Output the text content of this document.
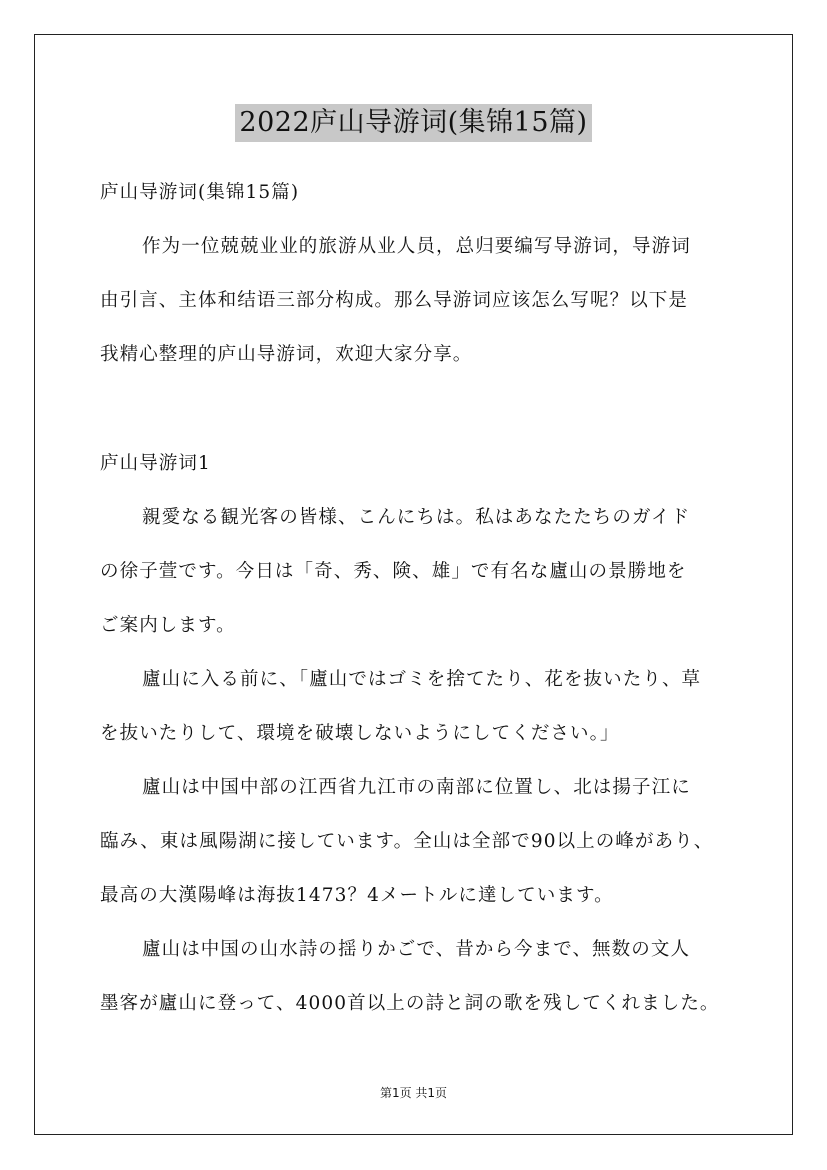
2022庐山导游词(集锦15篇)
庐山导游词(集锦15篇)
作为一位兢兢业业的旅游从业人员，总归要编写导游词，导游词
由引言、主体和结语三部分构成。那么导游词应该怎么写呢？以下是
我精心整理的庐山导游词，欢迎大家分享。
庐山导游词1
親愛なる観光客の皆様、こんにちは。私はあなたたちのガイド
の徐子萱です。今日は「奇、秀、険、雄」で有名な廬山の景勝地を
ご案内します。
廬山に入る前に、「廬山ではゴミを捨てたり、花を抜いたり、草
を抜いたりして、環境を破壊しないようにしてください。」
廬山は中国中部の江西省九江市の南部に位置し、北は揚子江に
臨み、東は風陽湖に接しています。全山は全部で90以上の峰があり、
最高の大漢陽峰は海抜1473？4メートルに達しています。
廬山は中国の山水詩の揺りかごで、昔から今まで、無数の文人
墨客が廬山に登って、4000首以上の詩と詞の歌を残してくれました。
第1页 共1页
